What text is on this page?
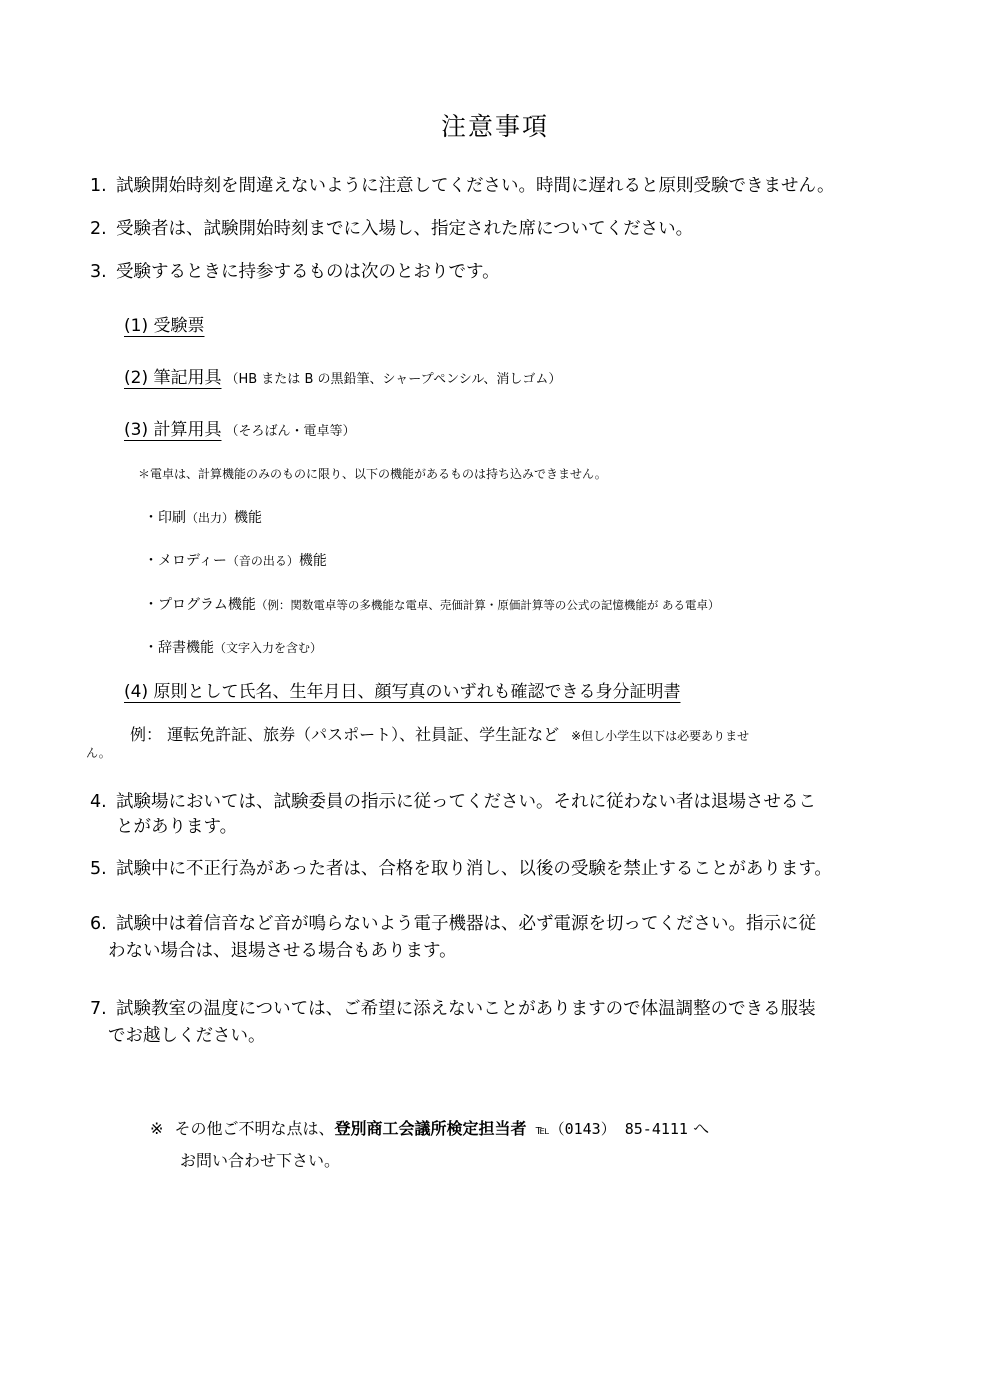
注意事項
1. 試験開始時刻を間違えないように注意してください。時間に遅れると原則受験できません。
2. 受験者は、試験開始時刻までに入場し、指定された席についてください。
3. 受験するときに持参するものは次のとおりです。
(1) 受験票
(2) 筆記用具 （HB または B の黒鉛筆、シャープペンシル、消しゴム）
(3) 計算用具 （そろばん・電卓等）
＊電卓は、計算機能のみのものに限り、以下の機能があるものは持ち込みできません。
・印刷（出力）機能
・メロディー（音の出る）機能
・プログラム機能（例：関数電卓等の多機能な電卓、売価計算・原価計算等の公式の記憶機能が ある電卓）
・辞書機能（文字入力を含む）
(4) 原則として氏名、生年月日、顔写真のいずれも確認できる身分証明書
例： 運転免許証、旅券（パスポート）、社員証、学生証など ※但し小学生以下は必要ありませ
ん。
4. 試験場においては、試験委員の指示に従ってください。それに従わない者は退場させるこ
とがあります。
5. 試験中に不正行為があった者は、合格を取り消し、以後の受験を禁止することがあります。
6. 試験中は着信音など音が鳴らないよう電子機器は、必ず電源を切ってください。指示に従
わない場合は、退場させる場合もあります。
7. 試験教室の温度については、ご希望に添えないことがありますので体温調整のできる服装
でお越しください。
※ その他ご不明な点は、登別商工会議所検定担当者 ℡（0143） 85-4111 へ
お問い合わせ下さい。
